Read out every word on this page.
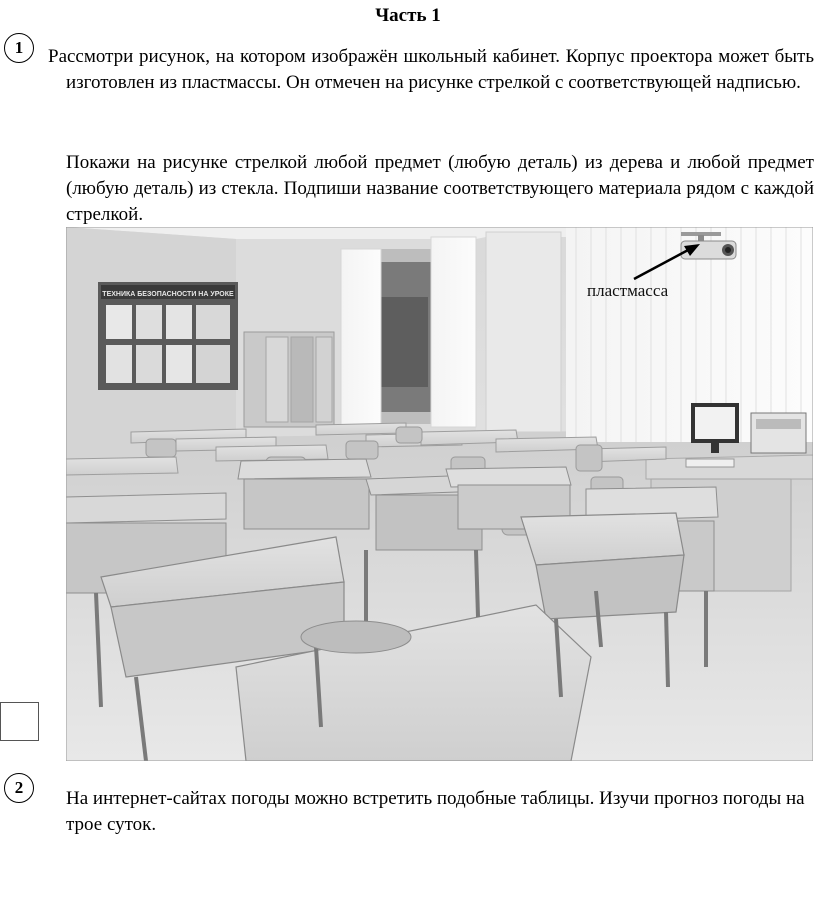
Часть 1
1	Рассмотри рисунок, на котором изображён школьный кабинет. Корпус проектора может быть изготовлен из пластмассы. Он отмечен на рисунке стрелкой с соответствующей надписью.
Покажи на рисунке стрелкой любой предмет (любую деталь) из дерева и любой предмет (любую деталь) из стекла. Подпиши название соответствующего материала рядом с каждой стрелкой.
ТЕХНИКА БЕЗОПАСНОСТИ НА УРОКЕ	пластмасса
2
На интернет-сайтах погоды можно встретить подобные таблицы. Изучи прогноз погоды на трое суток.
